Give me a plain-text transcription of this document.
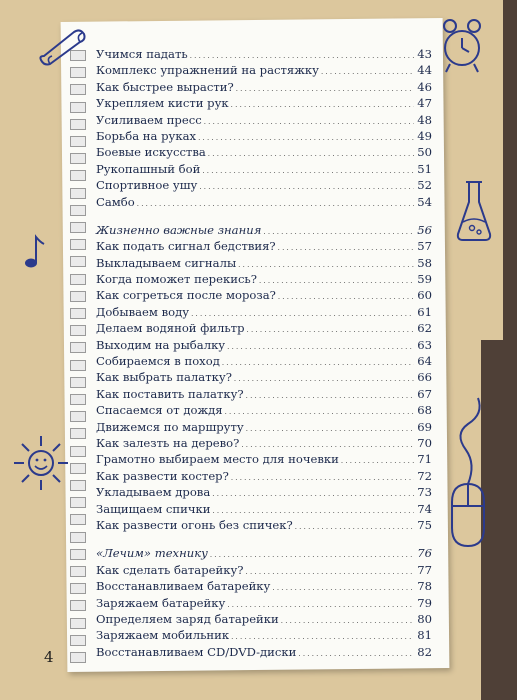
Учимся падать . . .	43
Комплекс упражнений на растяжку . . .	44
Как быстрее вырасти? . . .	46
Укрепляем кисти рук . . .	47
Усиливаем пресс . . .	48
Борьба на руках . . .	49
Боевые искусства . . .	50
Рукопашный бой . . .	51
Спортивное ушу . . .	52
Самбо . . .	54
Жизненно важные знания . . .	56
Как подать сигнал бедствия? . . .	57
Выкладываем сигналы . . .	58
Когда поможет перекись? . . .	59
Как согреться после мороза? . . .	60
Добываем воду . . .	61
Делаем водяной фильтр . . .	62
Выходим на рыбалку . . .	63
Собираемся в поход . . .	64
Как выбрать палатку? . . .	66
Как поставить палатку? . . .	67
Спасаемся от дождя . . .	68
Движемся по маршруту . . .	69
Как залезть на дерево? . . .	70
Грамотно выбираем место для ночевки . . .	71
Как развести костер? . . .	72
Укладываем дрова . . .	73
Защищаем спички . . .	74
Как развести огонь без спичек? . . .	75
«Лечим» технику . . .	76
Как сделать батарейку? . . .	77
Восстанавливаем батарейку . . .	78
Заряжаем батарейку . . .	79
Определяем заряд батарейки . . .	80
Заряжаем мобильник . . .	81
Восстанавливаем CD/DVD-диски . . .	82
4
